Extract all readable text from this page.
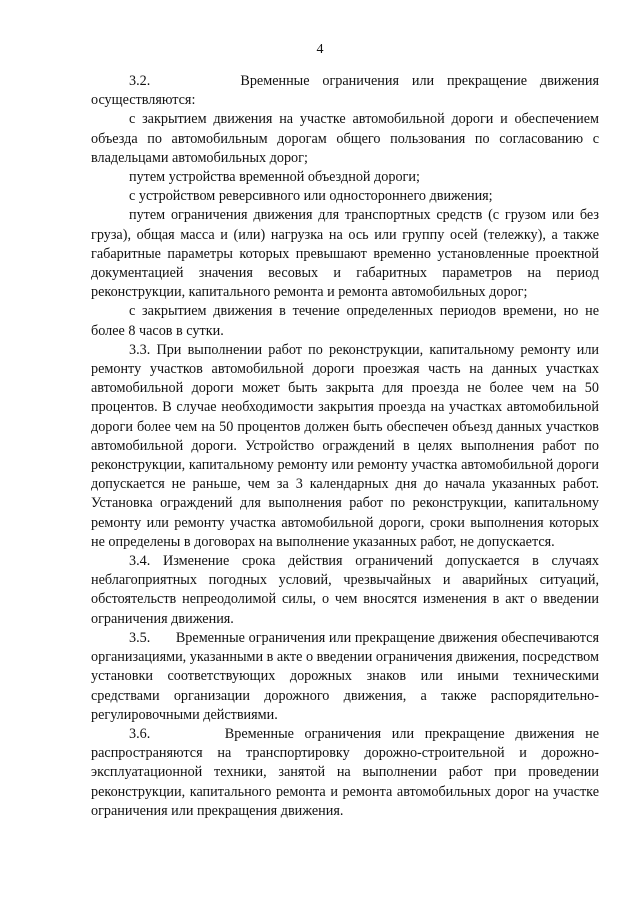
4

3.2.       Временные ограничения или прекращение движения осуществляются:

с закрытием движения на участке автомобильной дороги и обеспечением объезда по автомобильным дорогам общего пользования по согласованию с владельцами автомобильных дорог;

путем устройства временной объездной дороги;

с устройством реверсивного или одностороннего движения;

путем ограничения движения для транспортных средств (с грузом или без груза), общая масса и (или) нагрузка на ось или группу осей (тележку), а также габаритные параметры которых превышают временно установленные проектной документацией значения весовых и габаритных параметров на период реконструкции, капитального ремонта и ремонта автомобильных дорог;

с закрытием движения в течение определенных периодов времени, но не более 8 часов в сутки.

3.3. При выполнении работ по реконструкции, капитальному ремонту или ремонту участков автомобильной дороги проезжая часть на данных участках автомобильной дороги может быть закрыта для проезда не более чем на 50 процентов. В случае необходимости закрытия проезда на участках автомобильной дороги более чем на 50 процентов должен быть обеспечен объезд данных участков автомобильной дороги. Устройство ограждений в целях выполнения работ по реконструкции, капитальному ремонту или ремонту участка автомобильной дороги допускается не раньше, чем за 3 календарных дня до начала указанных работ. Установка ограждений для выполнения работ по реконструкции, капитальному ремонту или ремонту участка автомобильной дороги, сроки выполнения которых не определены в договорах на выполнение указанных работ, не допускается.

3.4. Изменение срока действия ограничений допускается в случаях неблагоприятных погодных условий, чрезвычайных и аварийных ситуаций, обстоятельств непреодолимой силы, о чем вносятся изменения в акт о введении ограничения движения.

3.5.       Временные ограничения или прекращение движения обеспечиваются организациями, указанными в акте о введении ограничения движения, посредством установки соответствующих дорожных знаков или иными техническими средствами организации дорожного движения, а также распорядительно-регулировочными действиями.

3.6.       Временные ограничения или прекращение движения не распространяются на транспортировку дорожно-строительной и дорожно-эксплуатационной техники, занятой на выполнении работ при проведении реконструкции, капитального ремонта и ремонта автомобильных дорог на участке ограничения или прекращения движения.
